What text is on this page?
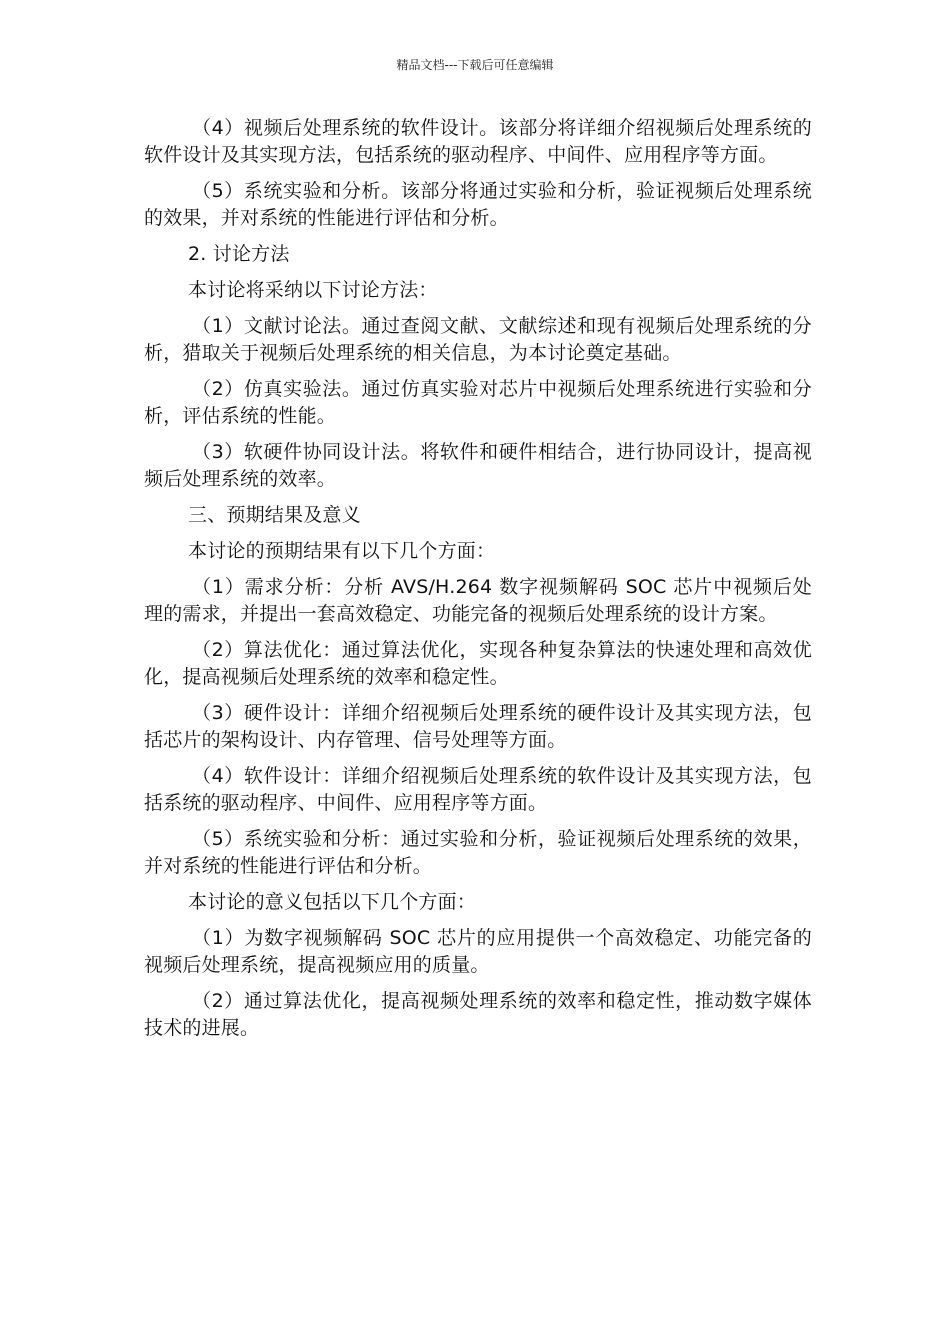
精品文档---下载后可任意编辑

（4）视频后处理系统的软件设计。该部分将详细介绍视频后处理系统的软件设计及其实现方法，包括系统的驱动程序、中间件、应用程序等方面。

（5）系统实验和分析。该部分将通过实验和分析，验证视频后处理系统的效果，并对系统的性能进行评估和分析。

2. 讨论方法

本讨论将采纳以下讨论方法：

（1）文献讨论法。通过查阅文献、文献综述和现有视频后处理系统的分析，猎取关于视频后处理系统的相关信息，为本讨论奠定基础。

（2）仿真实验法。通过仿真实验对芯片中视频后处理系统进行实验和分析，评估系统的性能。

（3）软硬件协同设计法。将软件和硬件相结合，进行协同设计，提高视频后处理系统的效率。

三、预期结果及意义

本讨论的预期结果有以下几个方面：

（1）需求分析：分析 AVS/H.264 数字视频解码 SOC 芯片中视频后处理的需求，并提出一套高效稳定、功能完备的视频后处理系统的设计方案。

（2）算法优化：通过算法优化，实现各种复杂算法的快速处理和高效优化，提高视频后处理系统的效率和稳定性。

（3）硬件设计：详细介绍视频后处理系统的硬件设计及其实现方法，包括芯片的架构设计、内存管理、信号处理等方面。

（4）软件设计：详细介绍视频后处理系统的软件设计及其实现方法，包括系统的驱动程序、中间件、应用程序等方面。

（5）系统实验和分析：通过实验和分析，验证视频后处理系统的效果，并对系统的性能进行评估和分析。

本讨论的意义包括以下几个方面：

（1）为数字视频解码 SOC 芯片的应用提供一个高效稳定、功能完备的视频后处理系统，提高视频应用的质量。

（2）通过算法优化，提高视频处理系统的效率和稳定性，推动数字媒体技术的进展。
